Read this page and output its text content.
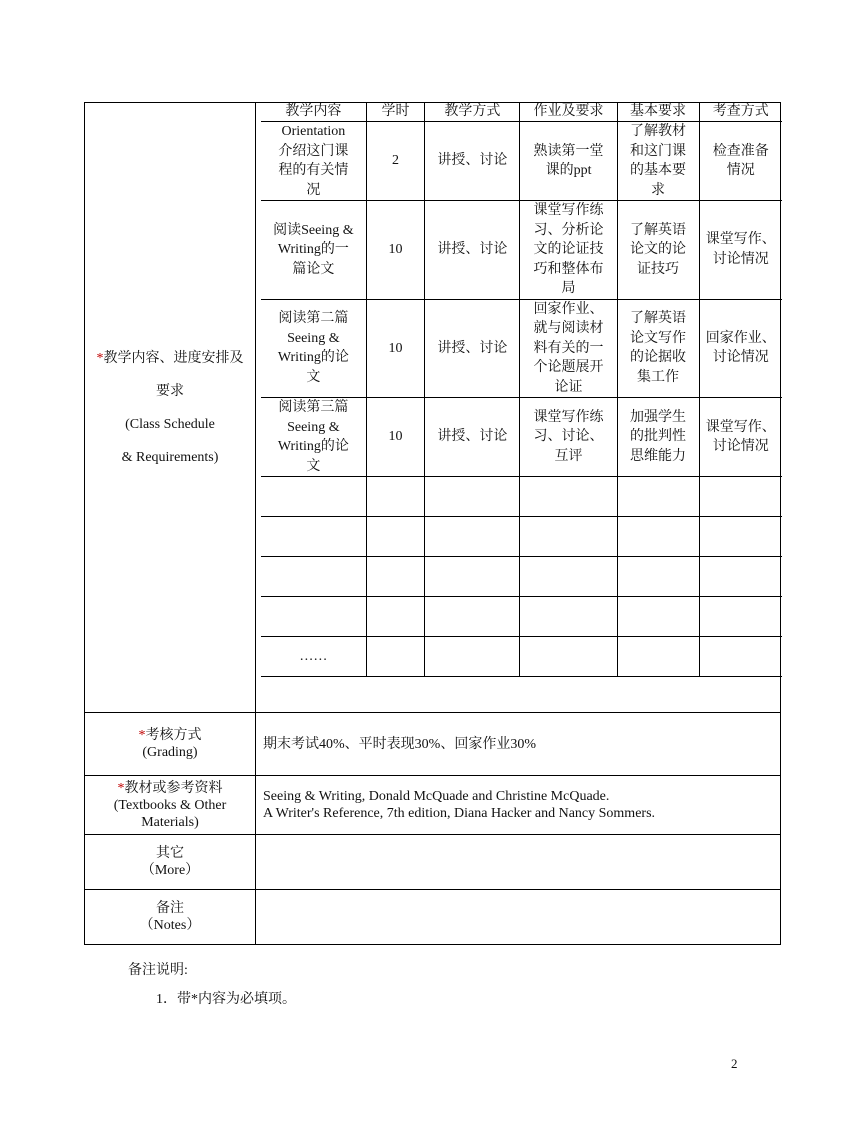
*教学内容、进度安排及
要求
(Class Schedule
& Requirements)

教学内容	学时	教学方式	作业及要求	基本要求	考查方式
Orientation
介绍这门课
程的有关情
况	2	讲授、讨论	熟读第一堂
课的ppt	了解教材
和这门课
的基本要
求	检查准备
情况
阅读Seeing &
Writing的一
篇论文	10	讲授、讨论	课堂写作练
习、分析论
文的论证技
巧和整体布
局	了解英语
论文的论
证技巧	课堂写作、
讨论情况
阅读第二篇
Seeing &
Writing的论
文	10	讲授、讨论	回家作业、
就与阅读材
料有关的一
个论题展开
论证	了解英语
论文写作
的论据收
集工作	回家作业、
讨论情况
阅读第三篇
Seeing &
Writing的论
文	10	讲授、讨论	课堂写作练
习、讨论、
互评	加强学生
的批判性
思维能力	课堂写作、
讨论情况

……					

*考核方式
(Grading)
	期末考试40%、平时表现30%、回家作业30%

*教材或参考资料
(Textbooks & Other
Materials)

Seeing & Writing, Donald McQuade and Christine McQuade.
A Writer's Reference, 7th edition, Diana Hacker and Nancy Sommers.

其它
（More）

备注
（Notes）

备注说明:
1．带*内容为必填项。
2
